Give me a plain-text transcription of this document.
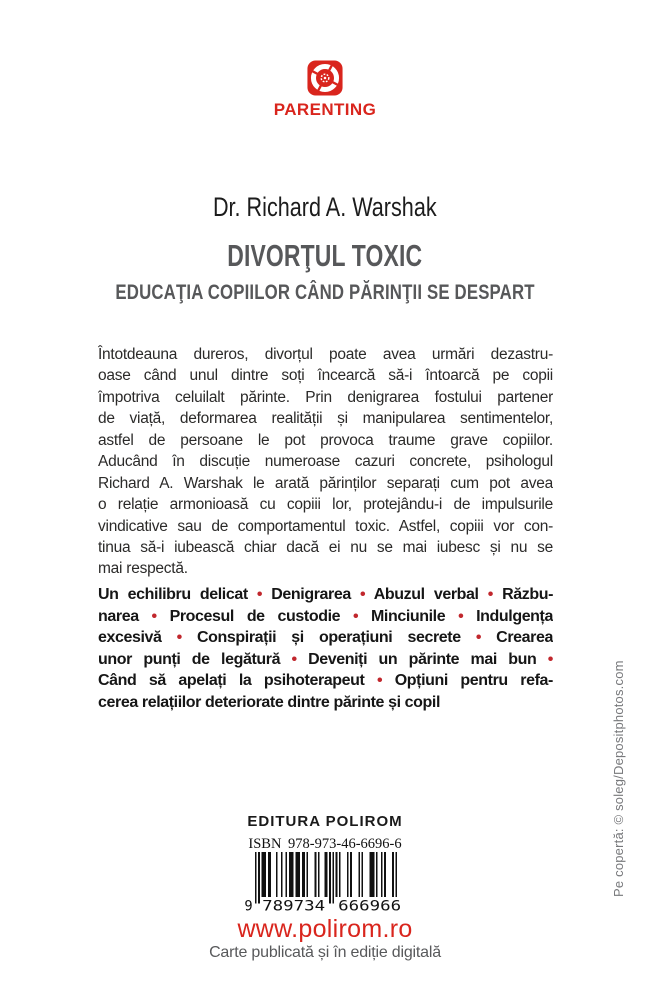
PARENTING
Dr. Richard A. Warshak
DIVORŢUL TOXIC
EDUCAŢIA COPIILOR CÂND PĂRINŢII SE DESPART
Întotdeauna dureros, divorțul poate avea urmări dezastru-
oase când unul dintre soți încearcă să-i întoarcă pe copii
împotriva celuilalt părinte. Prin denigrarea fostului partener
de viață, deformarea realității și manipularea sentimentelor,
astfel de persoane le pot provoca traume grave copiilor.
Aducând în discuție numeroase cazuri concrete, psihologul
Richard A. Warshak le arată părinților separați cum pot avea
o relație armonioasă cu copiii lor, protejându-i de impulsurile
vindicative sau de comportamentul toxic. Astfel, copiii vor con-
tinua să-i iubească chiar dacă ei nu se mai iubesc și nu se
mai respectă.
Un echilibru delicat • Denigrarea • Abuzul verbal • Răzbu-
narea • Procesul de custodie • Minciunile • Indulgența
excesivă • Conspirații și operațiuni secrete • Crearea
unor punți de legătură • Deveniți un părinte mai bun •
Când să apelați la psihoterapeut • Opțiuni pentru refa-
cerea relațiilor deteriorate dintre părinte și copil
EDITURA POLIROM
ISBN 978-973-46-6696-6
9 789734 666966
www.polirom.ro
Carte publicată și în ediție digitală
Pe copertă: © soleg/Depositphotos.com
